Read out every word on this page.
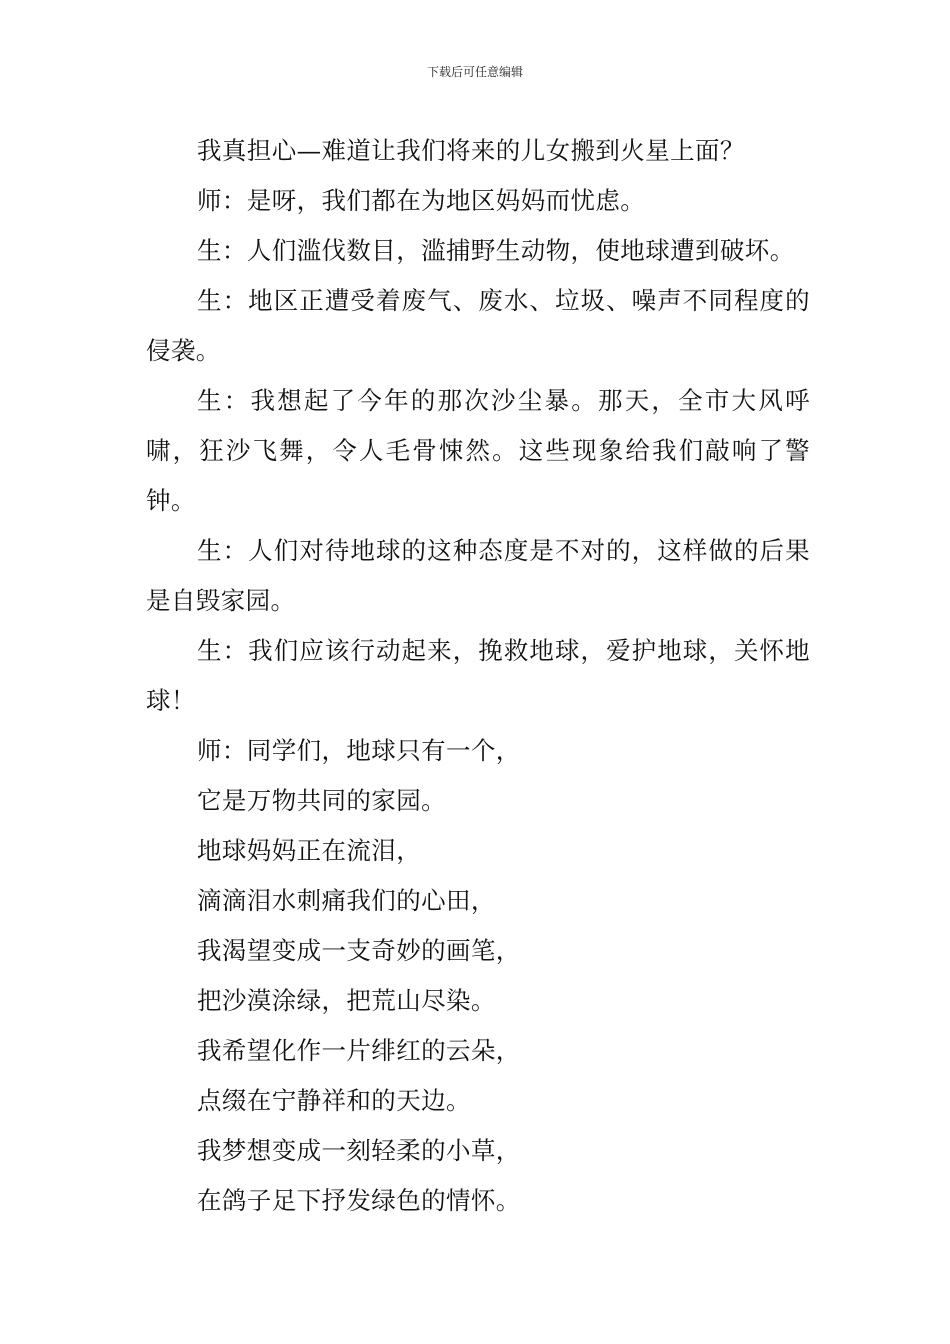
下载后可任意编辑

我真担心—难道让我们将来的儿女搬到火星上面？

师：是呀，我们都在为地区妈妈而忧虑。

生：人们滥伐数目，滥捕野生动物，使地球遭到破坏。

生：地区正遭受着废气、废水、垃圾、噪声不同程度的侵袭。

生：我想起了今年的那次沙尘暴。那天，全市大风呼啸，狂沙飞舞，令人毛骨悚然。这些现象给我们敲响了警钟。

生：人们对待地球的这种态度是不对的，这样做的后果是自毁家园。

生：我们应该行动起来，挽救地球，爱护地球，关怀地球！

师：同学们，地球只有一个，

它是万物共同的家园。

地球妈妈正在流泪，

滴滴泪水刺痛我们的心田，

我渴望变成一支奇妙的画笔，

把沙漠涂绿，把荒山尽染。

我希望化作一片绯红的云朵，

点缀在宁静祥和的天边。

我梦想变成一刻轻柔的小草，

在鸽子足下抒发绿色的情怀。
